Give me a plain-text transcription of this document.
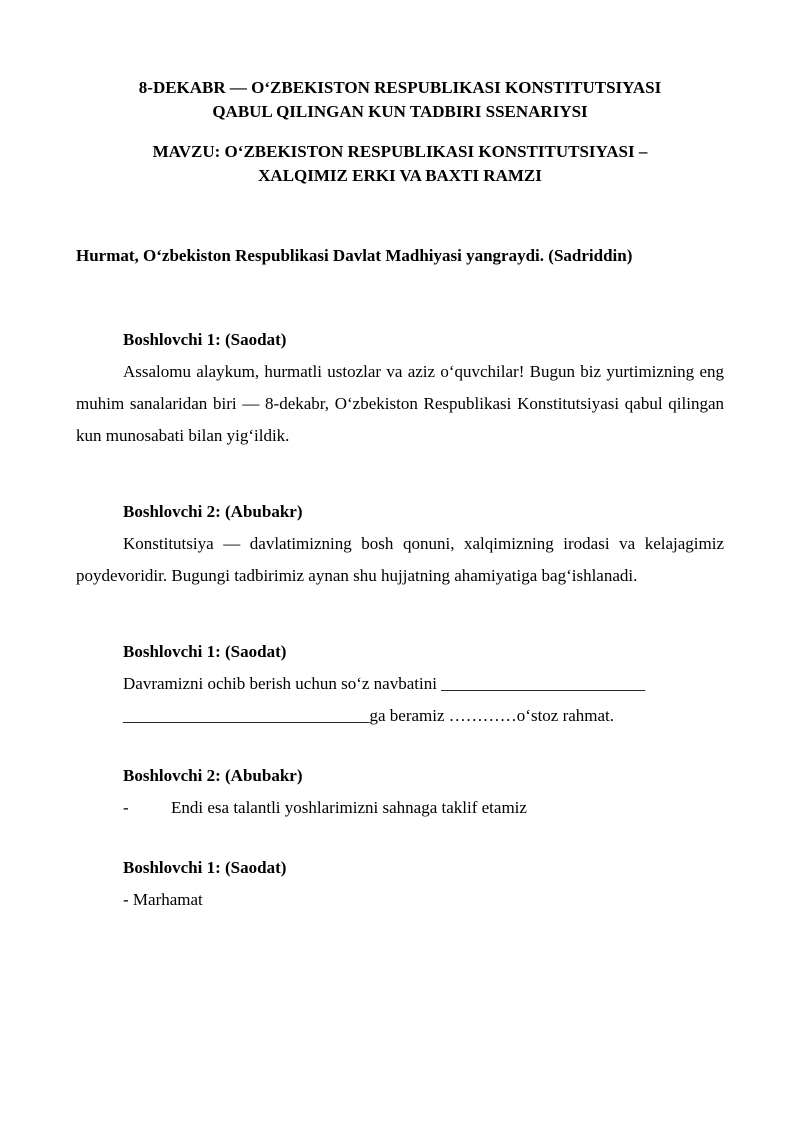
8-DEKABR — O‘ZBEKISTON RESPUBLIKASI KONSTITUTSIYASI
QABUL QILINGAN KUN TADBIRI SSENARIYSI
MAVZU: O‘ZBEKISTON RESPUBLIKASI KONSTITUTSIYASI –
XALQIMIZ ERKI VA BAXTI RAMZI

Hurmat, O‘zbekiston Respublikasi Davlat Madhiyasi yangraydi. (Sadriddin)

Boshlovchi 1: (Saodat)

Assalomu alaykum, hurmatli ustozlar va aziz o‘quvchilar! Bugun biz yurtimizning eng muhim sanalaridan biri — 8-dekabr, O‘zbekiston Respublikasi Konstitutsiyasi qabul qilingan kun munosabati bilan yig‘ildik.

Boshlovchi 2: (Abubakr)

Konstitutsiya — davlatimizning bosh qonuni, xalqimizning irodasi va kelajagimiz poydevoridir. Bugungi tadbirimiz aynan shu hujjatning ahamiyatiga bag‘ishlanadi.

Boshlovchi 1: (Saodat)

Davramizni ochib berish uchun so‘z navbatini ________________________

_____________________________ga beramiz …………o‘stoz rahmat.

Boshlovchi 2: (Abubakr)

- Endi esa talantli yoshlarimizni sahnaga taklif etamiz

Boshlovchi 1: (Saodat)

- Marhamat
